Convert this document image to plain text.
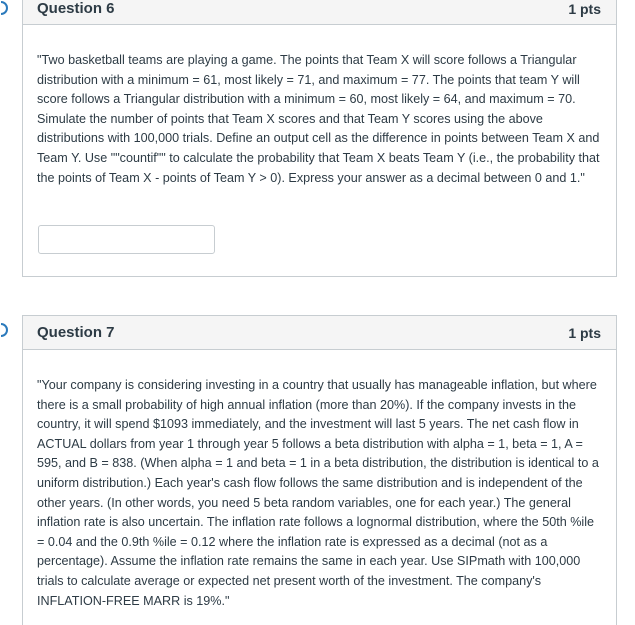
Question 6	1 pts

"Two basketball teams are playing a game. The points that Team X will score follows a Triangular distribution with a minimum = 61, most likely = 71, and maximum = 77. The points that team Y will score follows a Triangular distribution with a minimum = 60, most likely = 64, and maximum = 70. Simulate the number of points that Team X scores and that Team Y scores using the above distributions with 100,000 trials. Define an output cell as the difference in points between Team X and Team Y. Use ""countif"" to calculate the probability that Team X beats Team Y (i.e., the probability that the points of Team X - points of Team Y > 0). Express your answer as a decimal between 0 and 1."

Question 7	1 pts

"Your company is considering investing in a country that usually has manageable inflation, but where there is a small probability of high annual inflation (more than 20%). If the company invests in the country, it will spend $1093 immediately, and the investment will last 5 years. The net cash flow in ACTUAL dollars from year 1 through year 5 follows a beta distribution with alpha = 1, beta = 1, A = 595, and B = 838. (When alpha = 1 and beta = 1 in a beta distribution, the distribution is identical to a uniform distribution.) Each year's cash flow follows the same distribution and is independent of the other years. (In other words, you need 5 beta random variables, one for each year.) The general inflation rate is also uncertain. The inflation rate follows a lognormal distribution, where the 50th %ile = 0.04 and the 0.9th %ile = 0.12 where the inflation rate is expressed as a decimal (not as a percentage). Assume the inflation rate remains the same in each year. Use SIPmath with 100,000 trials to calculate average or expected net present worth of the investment. The company's INFLATION-FREE MARR is 19%."
